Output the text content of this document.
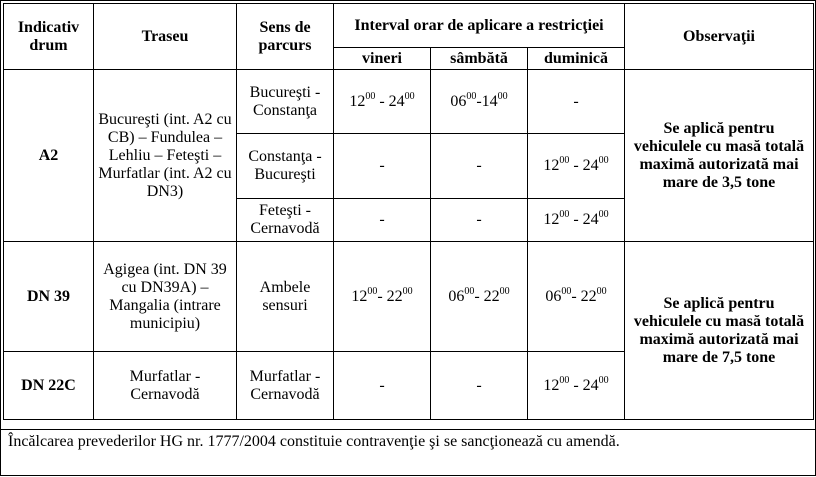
Indicativ drum	Traseu	Sens de parcurs	Interval orar de aplicare a restricţiei			Observaţii
			vineri	sâmbătă	duminică	
A2	Bucureşti (int. A2 cu CB) – Fundulea – Lehliu – Feteşti – Murfatlar (int. A2 cu DN3)	Bucureşti - Constanţa	$12^{00} - 24^{00}$	$06^{00}-14^{00}$	-	Se aplică pentru vehiculele cu masă totală maximă autorizată mai mare de 3,5 tone
		Constanţa - Bucureşti	-	-	$12^{00} - 24^{00}$
		Feteşti - Cernavodă	-	-	$12^{00} - 24^{00}$
DN 39	Agigea (int. DN 39 cu DN39A) – Mangalia (intrare municipiu)	Ambele sensuri	$12^{00}-$ $22^{00}$	$06^{00}-$ $22^{00}$	$06^{00}-$ $22^{00}$	Se aplică pentru vehiculele cu masă totală maximă autorizată mai mare de 7,5 tone
DN 22C	Murfatlar - Cernavodă	Murfatlar - Cernavodă	-	-	$12^{00} - 24^{00}$
Încălcarea prevederilor HG nr. 1777/2004 constituie contravenţie şi se sancţionează cu amendă.
